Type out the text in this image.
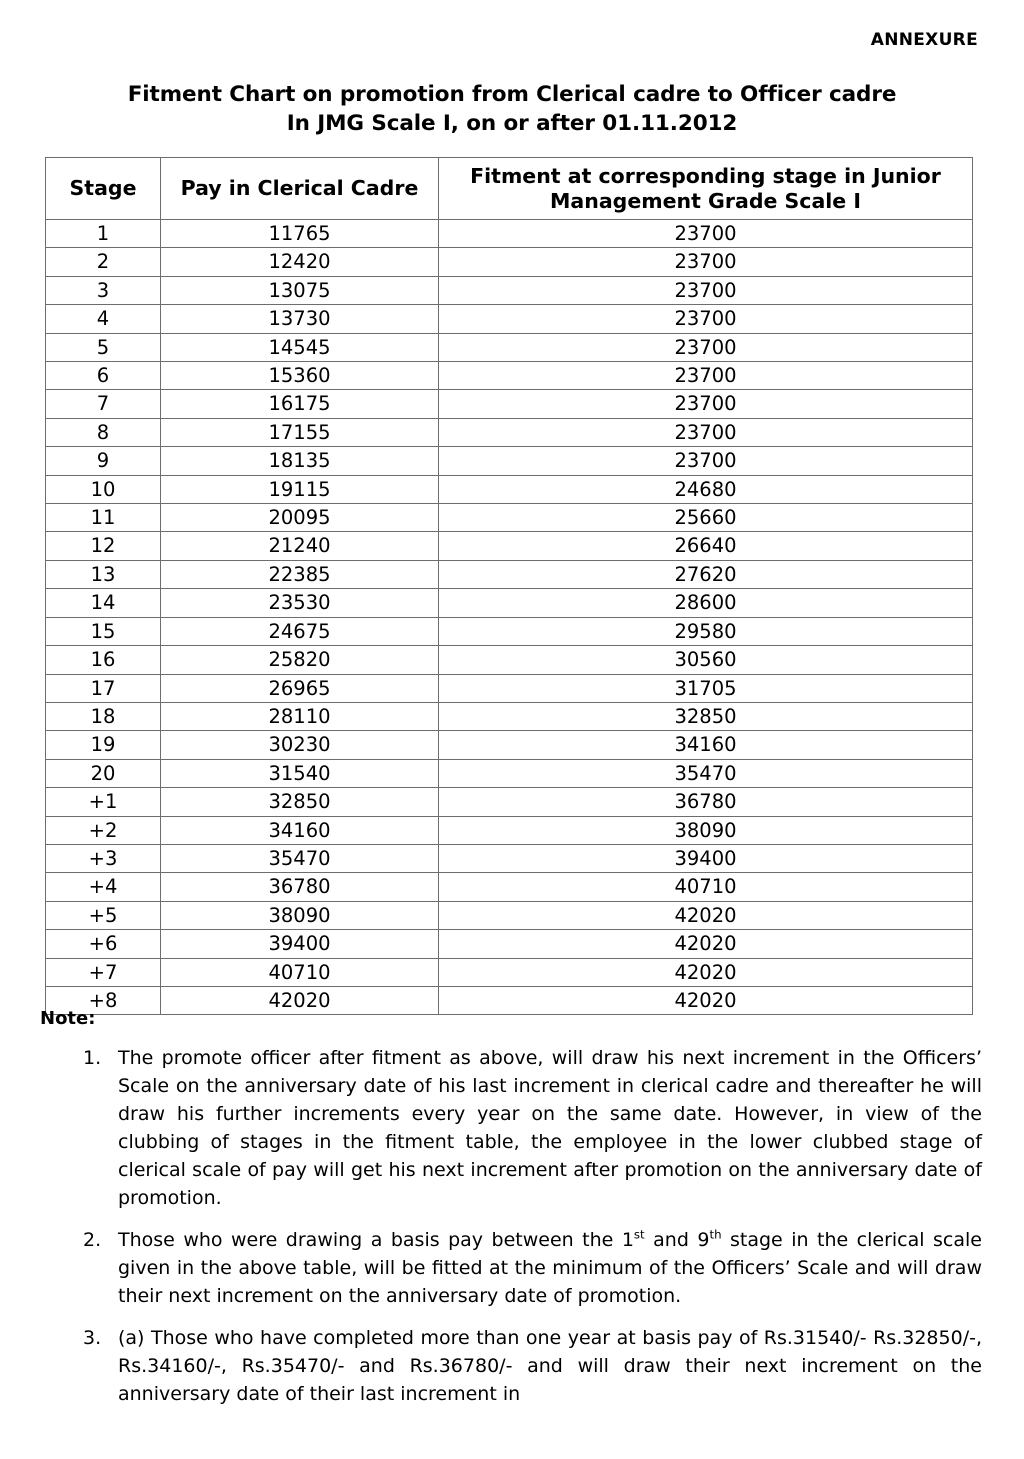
ANNEXURE
Fitment Chart on promotion from Clerical cadre to Officer cadre
In JMG Scale I, on or after 01.11.2012
Stage	Pay in Clerical Cadre	Fitment at corresponding stage in Junior Management Grade Scale I
1	11765	23700
2	12420	23700
3	13075	23700
4	13730	23700
5	14545	23700
6	15360	23700
7	16175	23700
8	17155	23700
9	18135	23700
10	19115	24680
11	20095	25660
12	21240	26640
13	22385	27620
14	23530	28600
15	24675	29580
16	25820	30560
17	26965	31705
18	28110	32850
19	30230	34160
20	31540	35470
+1	32850	36780
+2	34160	38090
+3	35470	39400
+4	36780	40710
+5	38090	42020
+6	39400	42020
+7	40710	42020
+8	42020	42020
Note:
1. The promote officer after fitment as above, will draw his next increment in the Officers’ Scale on the anniversary date of his last increment in clerical cadre and thereafter he will draw his further increments every year on the same date. However, in view of the clubbing of stages in the fitment table, the employee in the lower clubbed stage of clerical scale of pay will get his next increment after promotion on the anniversary date of promotion.
2. Those who were drawing a basis pay between the 1st and 9th stage in the clerical scale given in the above table, will be fitted at the minimum of the Officers’ Scale and will draw their next increment on the anniversary date of promotion.
3. (a) Those who have completed more than one year at basis pay of Rs.31540/- Rs.32850/-, Rs.34160/-, Rs.35470/- and Rs.36780/- and will draw their next increment on the anniversary date of their last increment in
